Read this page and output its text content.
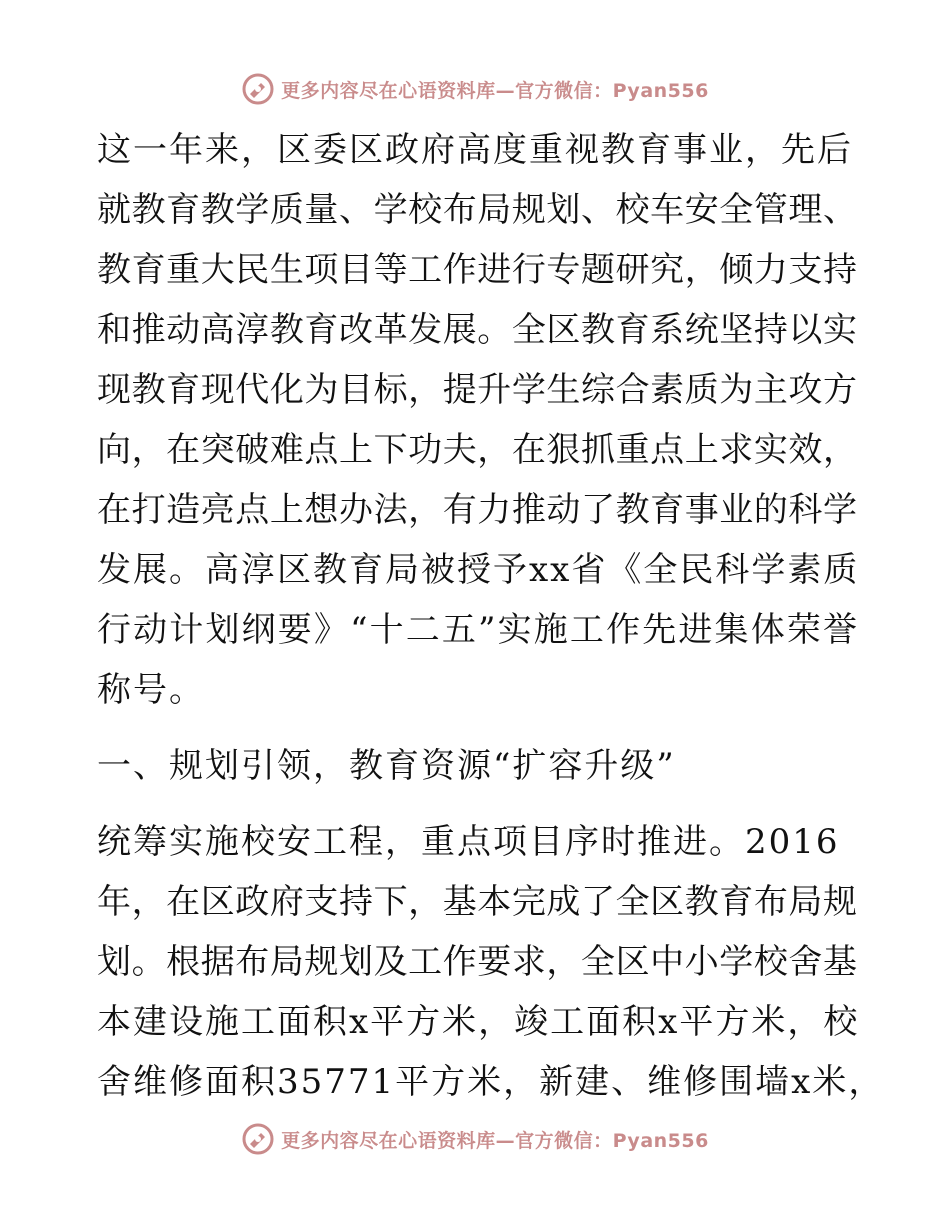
更多内容尽在心语资料库—官方微信：Pyan556
这一年来，区委区政府高度重视教育事业，先后
就教育教学质量、学校布局规划、校车安全管理、
教育重大民生项目等工作进行专题研究，倾力支持
和推动高淳教育改革发展。全区教育系统坚持以实
现教育现代化为目标，提升学生综合素质为主攻方
向，在突破难点上下功夫，在狠抓重点上求实效，
在打造亮点上想办法，有力推动了教育事业的科学
发展。高淳区教育局被授予xx省《全民科学素质
行动计划纲要》“十二五”实施工作先进集体荣誉
称号。
一、规划引领，教育资源“扩容升级”
统筹实施校安工程，重点项目序时推进。2016
年，在区政府支持下，基本完成了全区教育布局规
划。根据布局规划及工作要求，全区中小学校舍基
本建设施工面积x平方米，竣工面积x平方米，校
舍维修面积35771平方米，新建、维修围墙x米，
更多内容尽在心语资料库—官方微信：Pyan556
